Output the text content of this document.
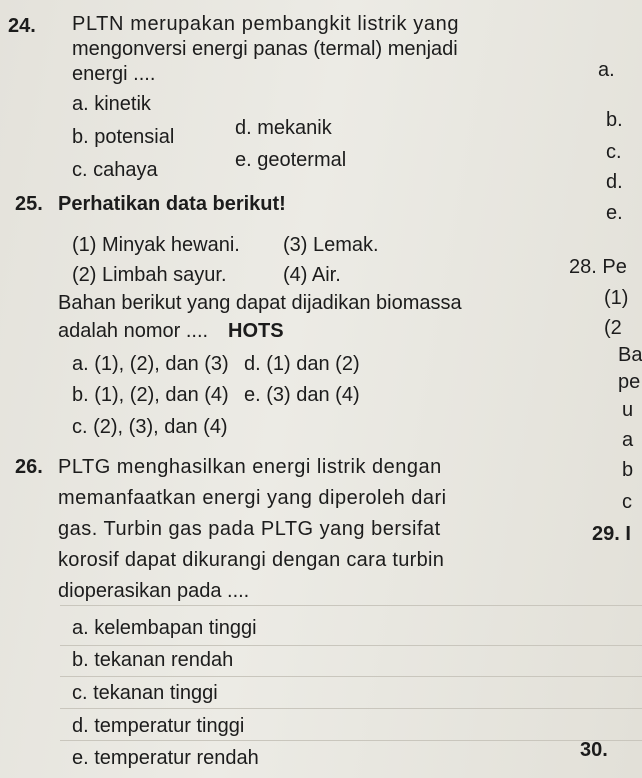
24. PLTN merupakan pembangkit listrik yang
mengonversi energi panas (termal) menjadi
energi ....
a. kinetik
d. mekanik
b. potensial
e. geotermal
c. cahaya
25. Perhatikan data berikut!
(1) Minyak hewani. (3) Lemak.
(2) Limbah sayur.	(4) Air.
Bahan berikut yang dapat dijadikan biomassa
adalah nomor .... HOTS
a. (1), (2), dan (3) d. (1) dan (2)
b. (1), (2), dan (4) e. (3) dan (4)
c. (2), (3), dan (4)
26. PLTG menghasilkan energi listrik dengan
memanfaatkan energi yang diperoleh dari
gas. Turbin gas pada PLTG yang bersifat
korosif dapat dikurangi dengan cara turbin
dioperasikan pada ....
a. kelembapan tinggi
b. tekanan rendah
c. tekanan tinggi
d. temperatur tinggi
e. temperatur rendah
a.
b.
c.
d.
e.
28. Pe
(1)
(2
Ba
pe
u
a
b
c
29. I
30.
